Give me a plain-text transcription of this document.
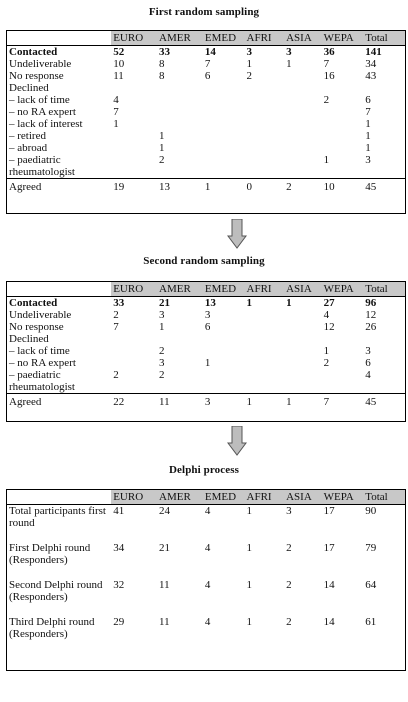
First random sampling
	EURO	AMER	EMED	AFRI	ASIA	WEPA	Total
Contacted	52	33	14	3	3	36	141
Undeliverable	10	8	7	1	1	7	34
No response	11	8	6	2		16	43
Declined							
– lack of time	4					2	6
– no RA expert	7						7
– lack of interest	1						1
– retired		1					1
– abroad		1					1
– paediatric rheumatologist		2				1	3
Agreed	19	13	1	0	2	10	45
Second random sampling
	EURO	AMER	EMED	AFRI	ASIA	WEPA	Total
Contacted	33	21	13	1	1	27	96
Undeliverable	2	3	3			4	12
No response	7	1	6			12	26
Declined							
– lack of time		2				1	3
– no RA expert		3	1			2	6
– paediatric rheumatologist	2	2					4
Agreed	22	11	3	1	1	7	45
Delphi process
	EURO	AMER	EMED	AFRI	ASIA	WEPA	Total
Total participants first round	41	24	4	1	3	17	90
First Delphi round (Responders)	34	21	4	1	2	17	79
Second Delphi round (Responders)	32	11	4	1	2	14	64
Third Delphi round (Responders)	29	11	4	1	2	14	61
